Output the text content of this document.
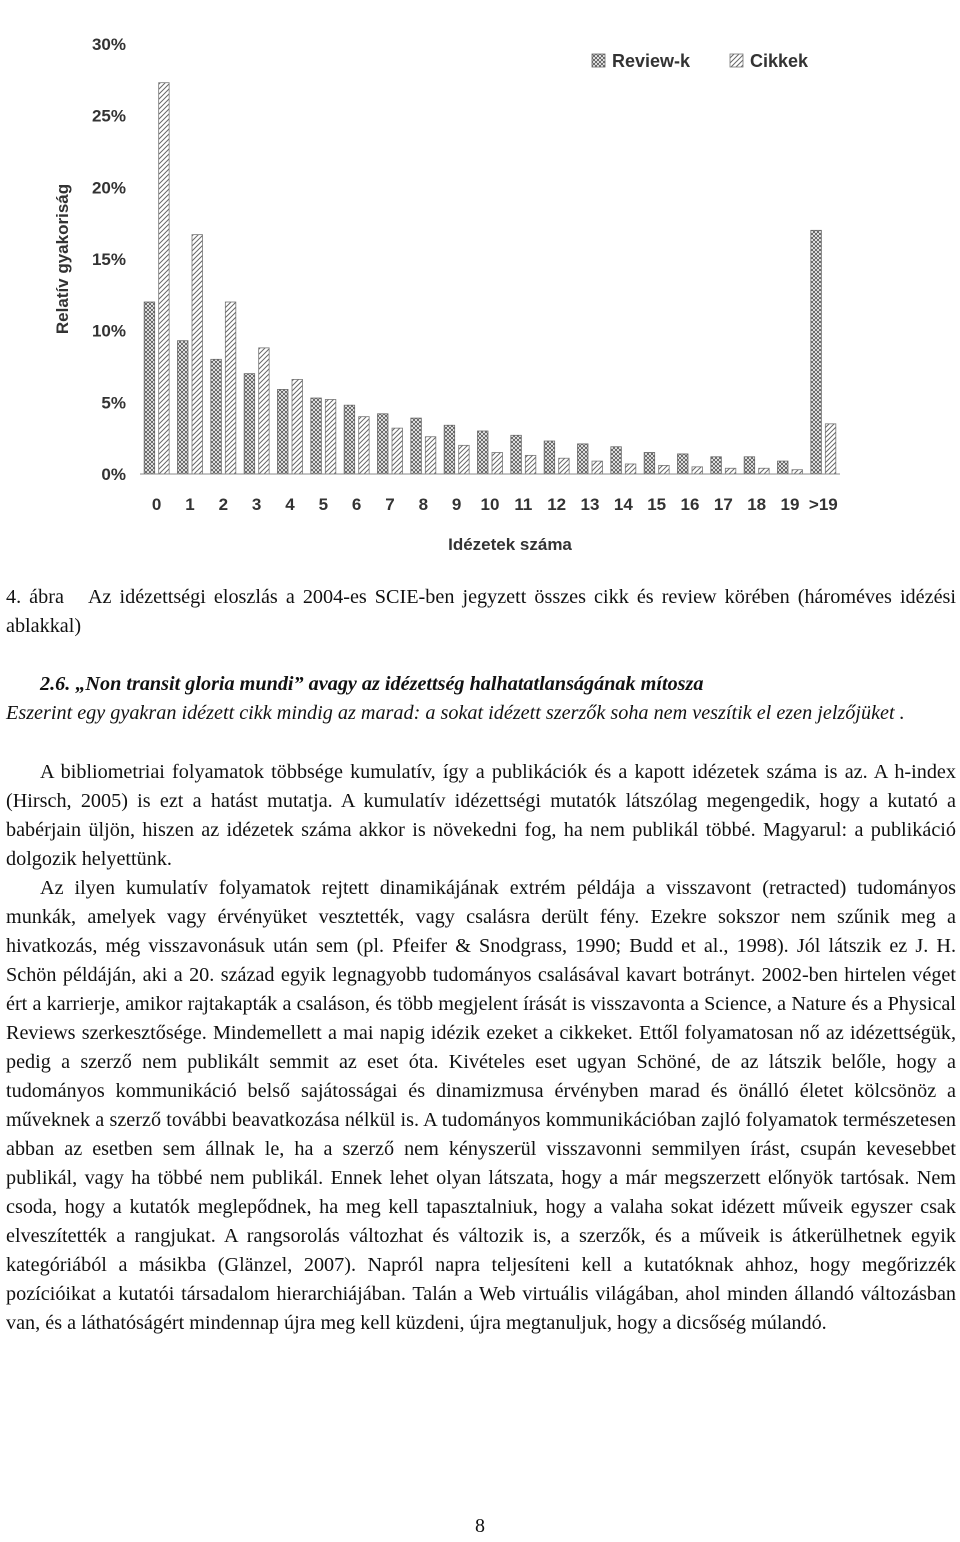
Relatív gyakoriság
0%
5%
10%
15%
20%
25%
30%
0 1 2 3 4 5 6 7 8 9 10 11 12 13 14 15 16 17 18 19 >19
Review-k	Cikkek
Idézetek száma

4. ábra Az idézettségi eloszlás a 2004-es SCIE-ben jegyzett összes cikk és review körében (hároméves idézési ablakkal)

2.6. „Non transit gloria mundi” avagy az idézettség halhatatlanságának mítosza

Eszerint egy gyakran idézett cikk mindig az marad: a sokat idézett szerzők soha nem veszítik el ezen jelzőjüket .

A bibliometriai folyamatok többsége kumulatív, így a publikációk és a kapott idézetek száma is az. A h-index (Hirsch, 2005) is ezt a hatást mutatja. A kumulatív idézettségi mutatók látszólag megengedik, hogy a kutató a babérjain üljön, hiszen az idézetek száma akkor is növekedni fog, ha nem publikál többé. Magyarul: a publikáció dolgozik helyettünk.

Az ilyen kumulatív folyamatok rejtett dinamikájának extrém példája a visszavont (retracted) tudományos munkák, amelyek vagy érvényüket vesztették, vagy csalásra derült fény. Ezekre sokszor nem szűnik meg a hivatkozás, még visszavonásuk után sem (pl. Pfeifer & Snodgrass, 1990; Budd et al., 1998). Jól látszik ez J. H. Schön példáján, aki a 20. század egyik legnagyobb tudományos csalásával kavart botrányt. 2002-ben hirtelen véget ért a karrierje, amikor rajtakapták a csaláson, és több megjelent írását is visszavonta a Science, a Nature és a Physical Reviews szerkesztősége. Mindemellett a mai napig idézik ezeket a cikkeket. Ettől folyamatosan nő az idézettségük, pedig a szerző nem publikált semmit az eset óta. Kivételes eset ugyan Schöné, de az látszik belőle, hogy a tudományos kommunikáció belső sajátosságai és dinamizmusa érvényben marad és önálló életet kölcsönöz a műveknek a szerző további beavatkozása nélkül is. A tudományos kommunikációban zajló folyamatok természetesen abban az esetben sem állnak le, ha a szerző nem kényszerül visszavonni semmilyen írást, csupán kevesebbet publikál, vagy ha többé nem publikál. Ennek lehet olyan látszata, hogy a már megszerzett előnyök tartósak. Nem csoda, hogy a kutatók meglepődnek, ha meg kell tapasztalniuk, hogy a valaha sokat idézett műveik egyszer csak elveszítették a rangjukat. A rangsorolás változhat és változik is, a szerzők, és a műveik is átkerülhetnek egyik kategóriából a másikba (Glänzel, 2007). Napról napra teljesíteni kell a kutatóknak ahhoz, hogy megőrizzék pozícióikat a kutatói társadalom hierarchiájában. Talán a Web virtuális világában, ahol minden állandó változásban van, és a láthatóságért mindennap újra meg kell küzdeni, újra megtanuljuk, hogy a dicsőség múlandó.

8
